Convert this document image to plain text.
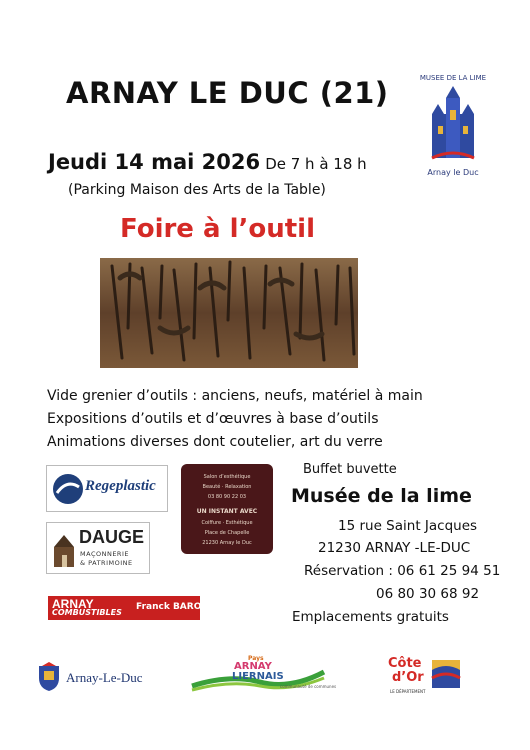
ARNAY LE DUC (21)	MUSEE DE LA LIME
Arnay le Duc
Jeudi 14 mai 2026 De 7 h à 18 h
(Parking Maison des Arts de la Table)
Foire à l’outil
Vide grenier d’outils : anciens, neufs, matériel à main
Expositions d’outils et d’œuvres à base d’outils
Animations diverses dont coutelier, art du verre
Regeplastic
DAUGE
MAÇONNERIE
& PATRIMOINE
Salon d’esthétique
Beauté · Relaxation
03 80 90 22 03
UN INSTANT AVEC
Coiffure · Esthétique
Place de Chapelle
21230 Arnay le Duc
ARNAY
COMBUSTIBLES
Franck BAROT
Buffet buvette
Musée de la lime
15 rue Saint Jacques
21230 ARNAY -LE-DUC
Réservation : 06 61 25 94 51
06 80 30 68 92
Emplacements gratuits
Arnay-Le-Duc
Pays
ARNAY
LIERNAIS
communauté de communes
Côte
d’Or
LE DÉPARTEMENT
